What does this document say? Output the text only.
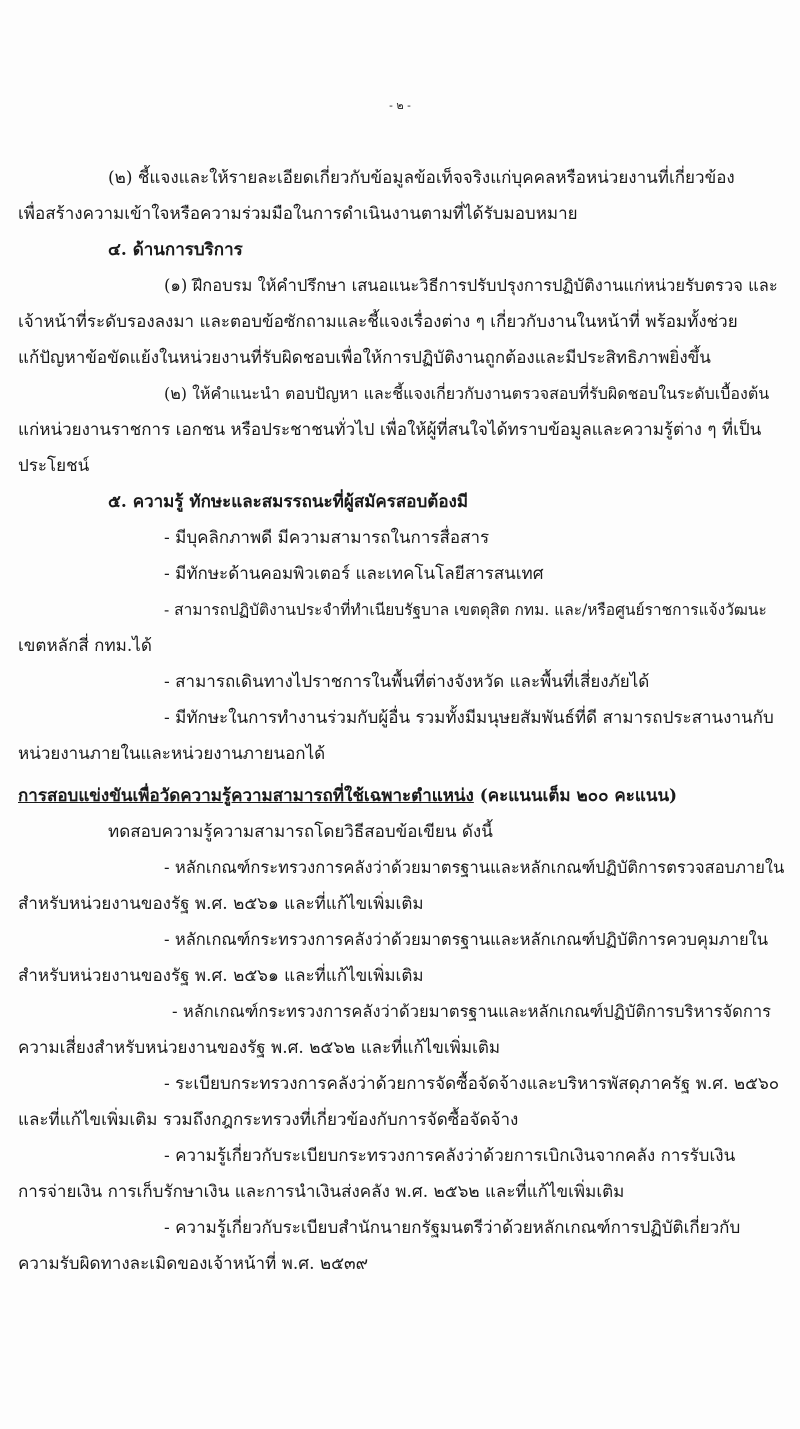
- ๒ -
(๒) ชี้แจงและให้รายละเอียดเกี่ยวกับข้อมูลข้อเท็จจริงแก่บุคคลหรือหน่วยงานที่เกี่ยวข้อง
เพื่อสร้างความเข้าใจหรือความร่วมมือในการดำเนินงานตามที่ได้รับมอบหมาย
๔. ด้านการบริการ
(๑) ฝึกอบรม ให้คำปรึกษา เสนอแนะวิธีการปรับปรุงการปฏิบัติงานแก่หน่วยรับตรวจ และ
เจ้าหน้าที่ระดับรองลงมา และตอบข้อซักถามและชี้แจงเรื่องต่าง ๆ เกี่ยวกับงานในหน้าที่ พร้อมทั้งช่วย
แก้ปัญหาข้อขัดแย้งในหน่วยงานที่รับผิดชอบเพื่อให้การปฏิบัติงานถูกต้องและมีประสิทธิภาพยิ่งขึ้น
(๒) ให้คำแนะนำ ตอบปัญหา และชี้แจงเกี่ยวกับงานตรวจสอบที่รับผิดชอบในระดับเบื้องต้น
แก่หน่วยงานราชการ เอกชน หรือประชาชนทั่วไป เพื่อให้ผู้ที่สนใจได้ทราบข้อมูลและความรู้ต่าง ๆ ที่เป็น
ประโยชน์
๕. ความรู้ ทักษะและสมรรถนะที่ผู้สมัครสอบต้องมี
- มีบุคลิกภาพดี มีความสามารถในการสื่อสาร
- มีทักษะด้านคอมพิวเตอร์ และเทคโนโลยีสารสนเทศ
- สามารถปฏิบัติงานประจำที่ทำเนียบรัฐบาล เขตดุสิต กทม. และ/หรือศูนย์ราชการแจ้งวัฒนะ
เขตหลักสี่ กทม.ได้
- สามารถเดินทางไปราชการในพื้นที่ต่างจังหวัด และพื้นที่เสี่ยงภัยได้
- มีทักษะในการทำงานร่วมกับผู้อื่น รวมทั้งมีมนุษยสัมพันธ์ที่ดี สามารถประสานงานกับ
หน่วยงานภายในและหน่วยงานภายนอกได้
การสอบแข่งขันเพื่อวัดความรู้ความสามารถที่ใช้เฉพาะตำแหน่ง (คะแนนเต็ม ๒๐๐ คะแนน)
ทดสอบความรู้ความสามารถโดยวิธีสอบข้อเขียน ดังนี้
- หลักเกณฑ์กระทรวงการคลังว่าด้วยมาตรฐานและหลักเกณฑ์ปฏิบัติการตรวจสอบภายใน
สำหรับหน่วยงานของรัฐ พ.ศ. ๒๕๖๑ และที่แก้ไขเพิ่มเติม
- หลักเกณฑ์กระทรวงการคลังว่าด้วยมาตรฐานและหลักเกณฑ์ปฏิบัติการควบคุมภายใน
สำหรับหน่วยงานของรัฐ พ.ศ. ๒๕๖๑ และที่แก้ไขเพิ่มเติม
- หลักเกณฑ์กระทรวงการคลังว่าด้วยมาตรฐานและหลักเกณฑ์ปฏิบัติการบริหารจัดการ
ความเสี่ยงสำหรับหน่วยงานของรัฐ พ.ศ. ๒๕๖๒ และที่แก้ไขเพิ่มเติม
- ระเบียบกระทรวงการคลังว่าด้วยการจัดซื้อจัดจ้างและบริหารพัสดุภาครัฐ พ.ศ. ๒๕๖๐
และที่แก้ไขเพิ่มเติม รวมถึงกฎกระทรวงที่เกี่ยวข้องกับการจัดซื้อจัดจ้าง
- ความรู้เกี่ยวกับระเบียบกระทรวงการคลังว่าด้วยการเบิกเงินจากคลัง การรับเงิน
การจ่ายเงิน การเก็บรักษาเงิน และการนำเงินส่งคลัง พ.ศ. ๒๕๖๒ และที่แก้ไขเพิ่มเติม
- ความรู้เกี่ยวกับระเบียบสำนักนายกรัฐมนตรีว่าด้วยหลักเกณฑ์การปฏิบัติเกี่ยวกับ
ความรับผิดทางละเมิดของเจ้าหน้าที่ พ.ศ. ๒๕๓๙
